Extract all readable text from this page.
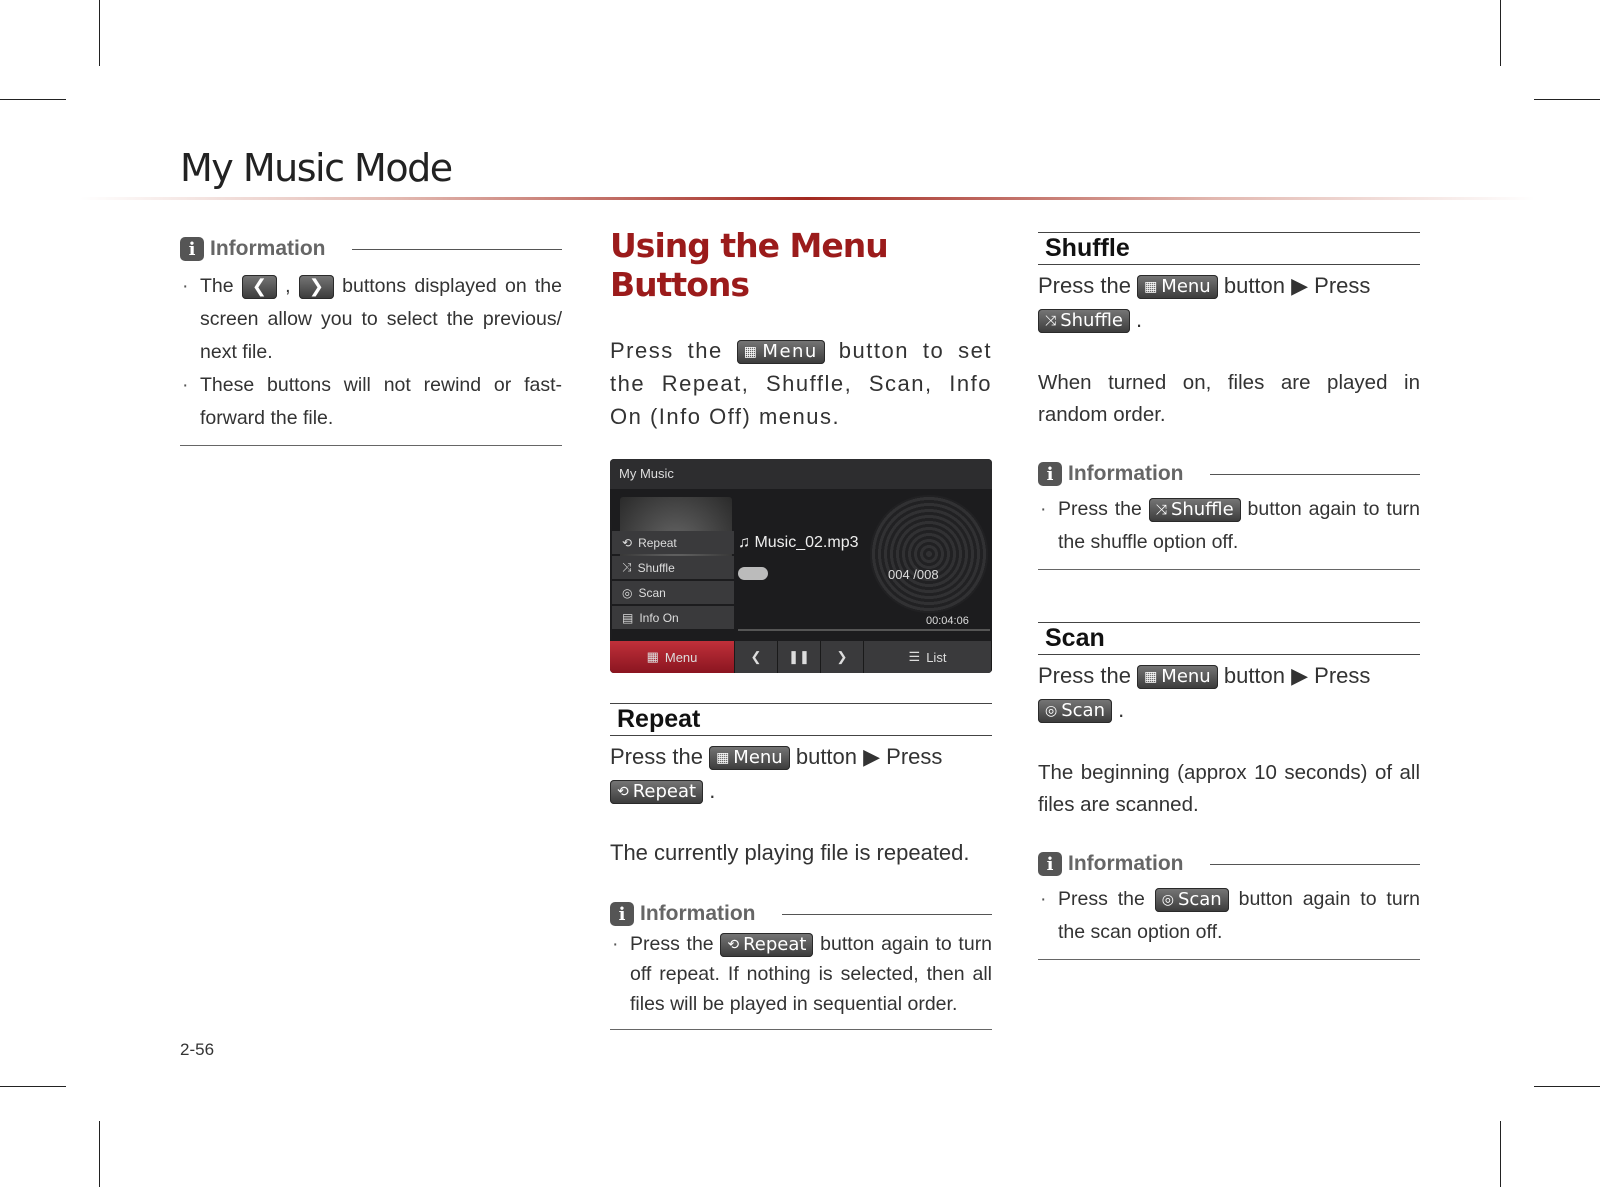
My Music Mode
i Information
· The ❮ , ❯ buttons displayed on the screen allow you to select the previous/ next file.
· These buttons will not rewind or fast-forward the file.
Using the Menu Buttons

Press the ▦ Menu button to set the Repeat, Shuffle, Scan, Info On (Info Off) menus.

My Music
⟲ Repeat
⤨ Shuffle
◎ Scan
▤ Info On
♫ Music_02.mp3
004 /008
00:04:06
▦ Menu	❮ ❚❚ ❯	☰ List
Repeat

Press the ▦ Menu button ▶ Press

⟲ Repeat .

The currently playing file is repeated.

i Information
· Press the ⟲ Repeat button again to turn off repeat. If nothing is selected, then all files will be played in sequential order.
Shuffle

Press the ▦ Menu button ▶ Press

⤨ Shuffle .

When turned on, files are played in random order.

i Information
· Press the ⤨ Shuffle button again to turn the shuffle option off.
Scan

Press the ▦ Menu button ▶ Press

◎ Scan .

The beginning (approx 10 seconds) of all files are scanned.

i Information
· Press the ◎ Scan button again to turn the scan option off.
2-56
